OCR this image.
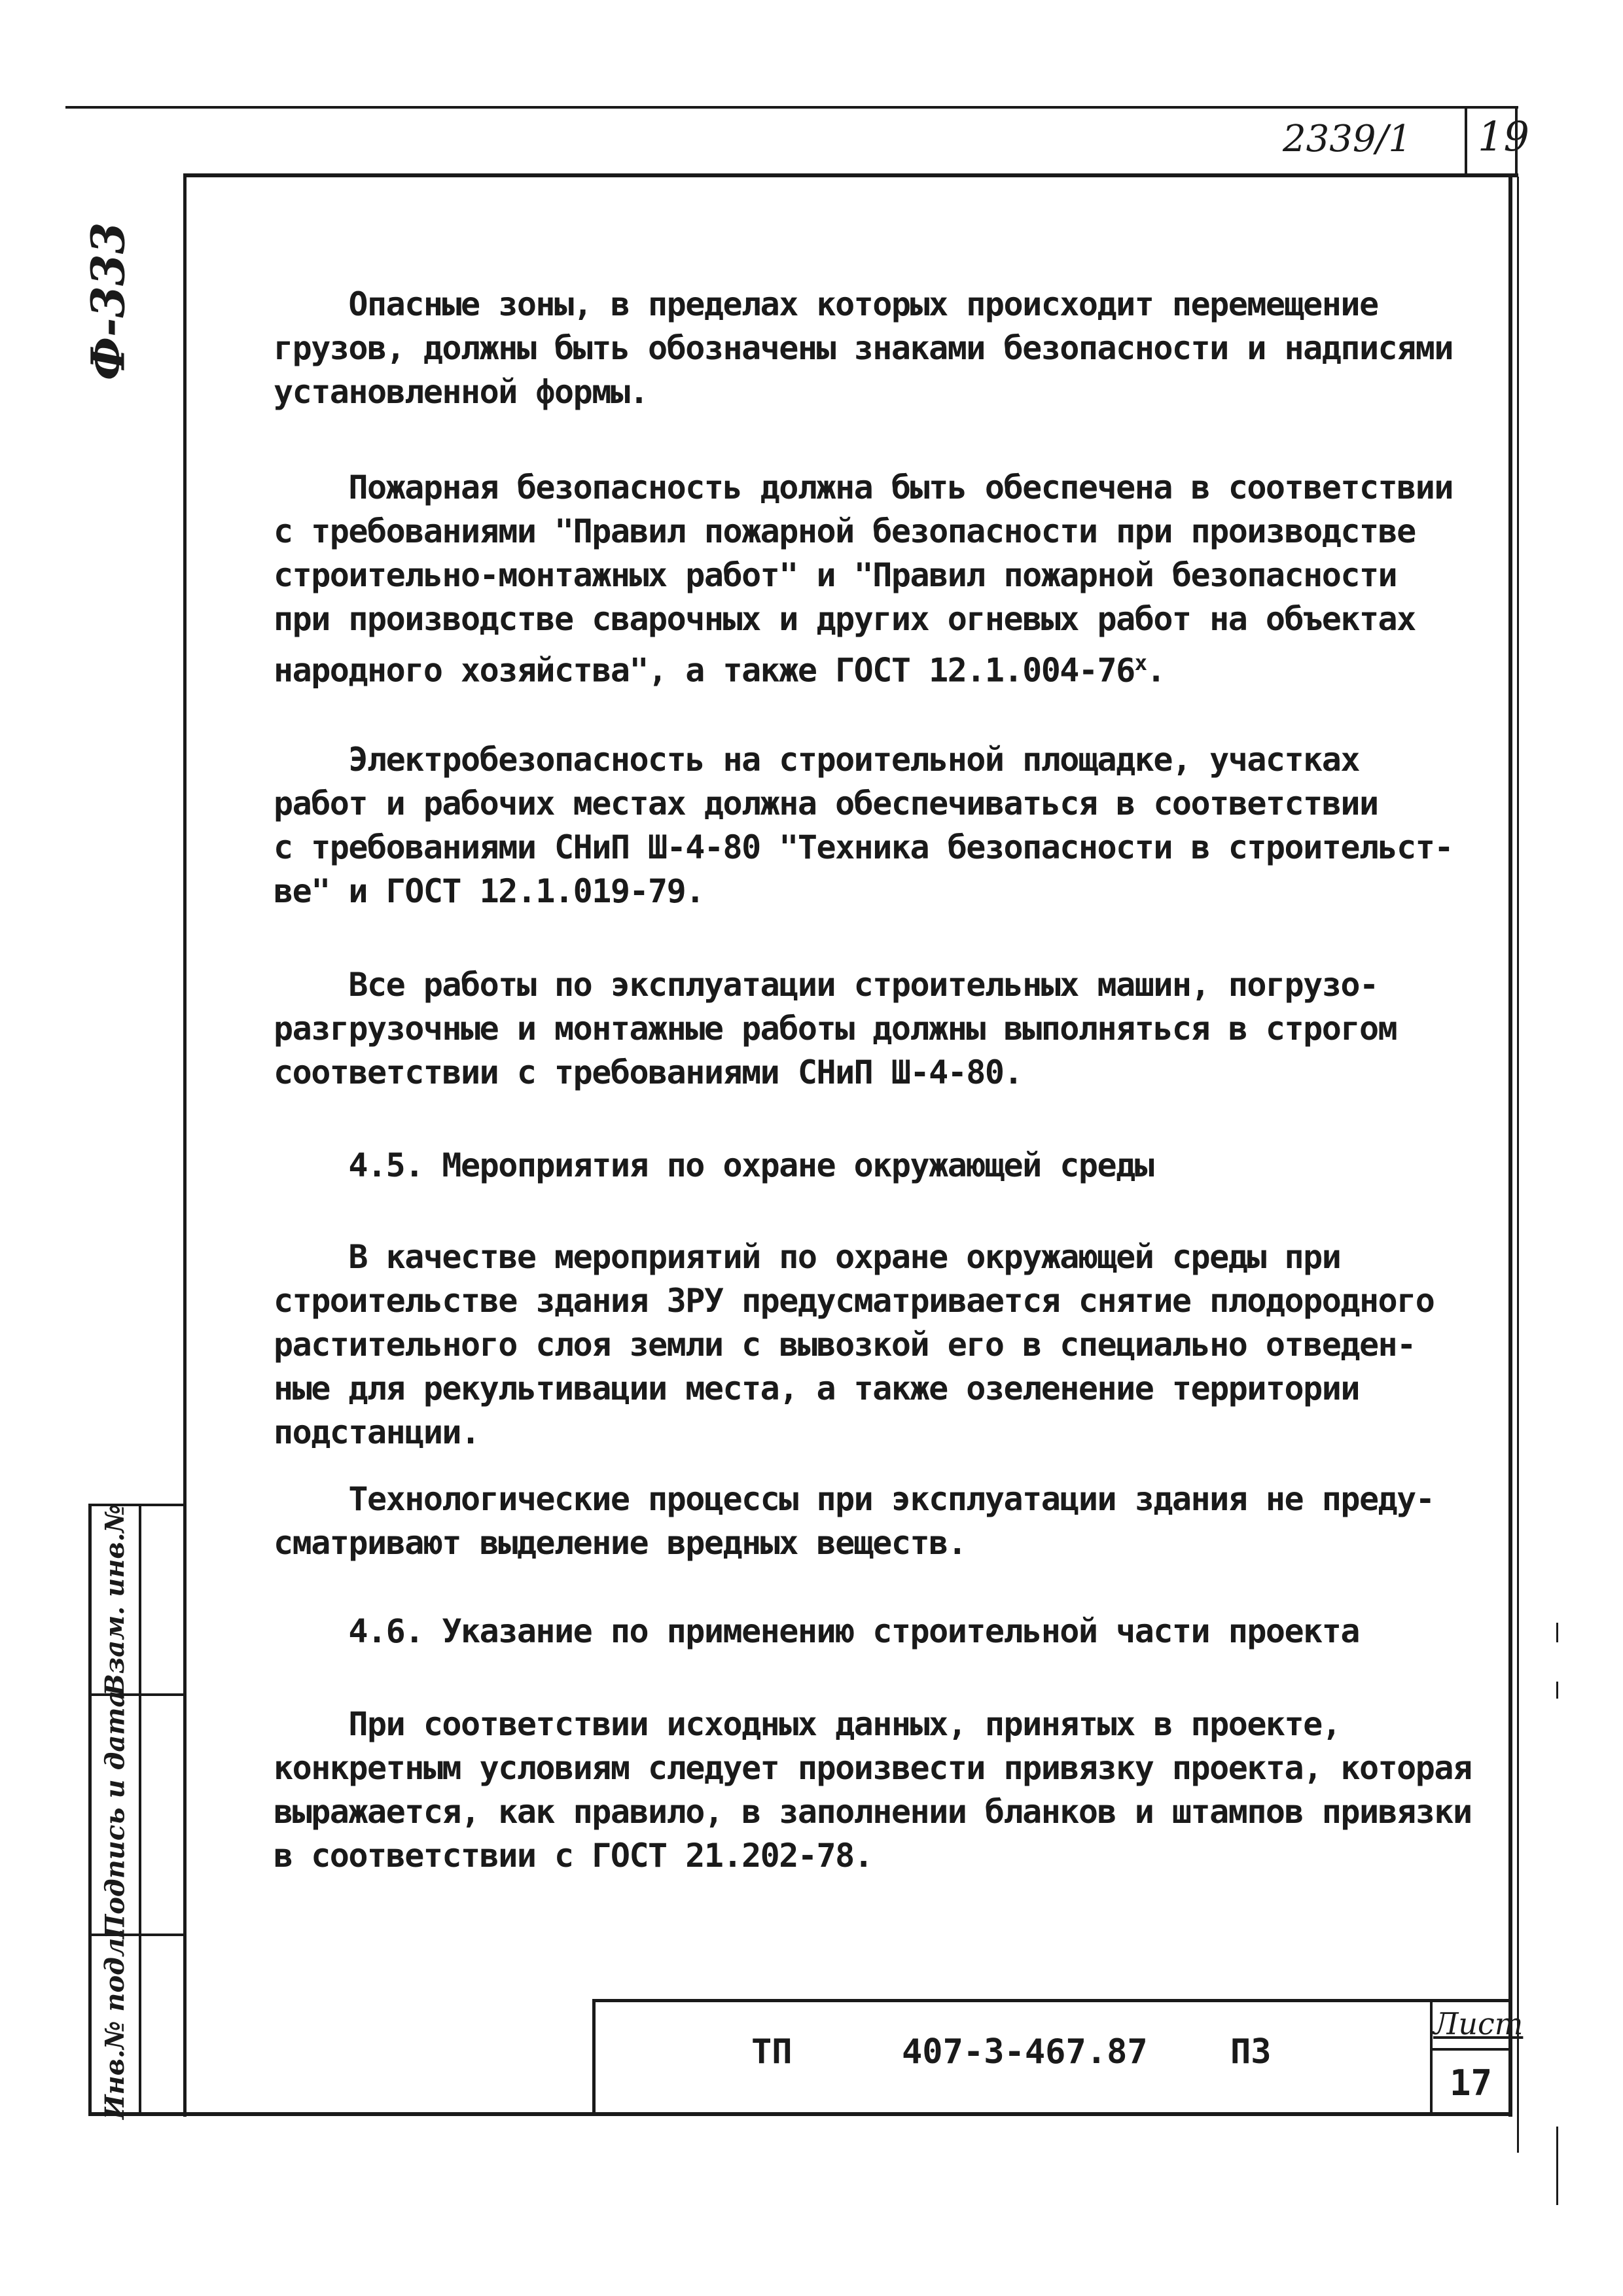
2339/1 19
Ф-333	Опасные зоны, в пределах которых происходит перемещение
грузов, должны быть обозначены знаками безопасности и надписями
установленной формы.
Пожарная безопасность должна быть обеспечена в соответствии
с требованиями "Правил пожарной безопасности при производстве
строительно-монтажных работ" и "Правил пожарной безопасности
при производстве сварочных и других огневых работ на объектах
народного хозяйства", а также ГОСТ $12.1.004-76^х$.
Электробезопасность на строительной площадке, участках
работ и рабочих местах должна обеспечиваться в соответствии
с требованиями СНиП Ш-4-80 "Техника безопасности в строительст-
ве" и ГОСТ 12.1.019-79.
Все работы по эксплуатации строительных машин, погрузо-
разгрузочные и монтажные работы должны выполняться в строгом
соответствии с требованиями СНиП Ш-4-80.
4.5. Мероприятия по охране окружающей среды
В качестве мероприятий по охране окружающей среды при
строительстве здания ЗРУ предусматривается снятие плодородного
растительного слоя земли с вывозкой его в специально отведен-
ные для рекультивации места, а также озеленение территории
подстанции.
Технологические процессы при эксплуатации здания не преду-
сматривают выделение вредных веществ.
4.6. Указание по применению строительной части проекта
При соответствии исходных данных, принятых в проекте,
конкретным условиям следует произвести привязку проекта, которая
выражается, как правило, в заполнении бланков и штампов привязки
в соответствии с ГОСТ 21.202-78.
Взам. инв.№
Подпись и дата
Инв.№ подл.	ТП	407-3-467.87 ПЗ
Лист
17
